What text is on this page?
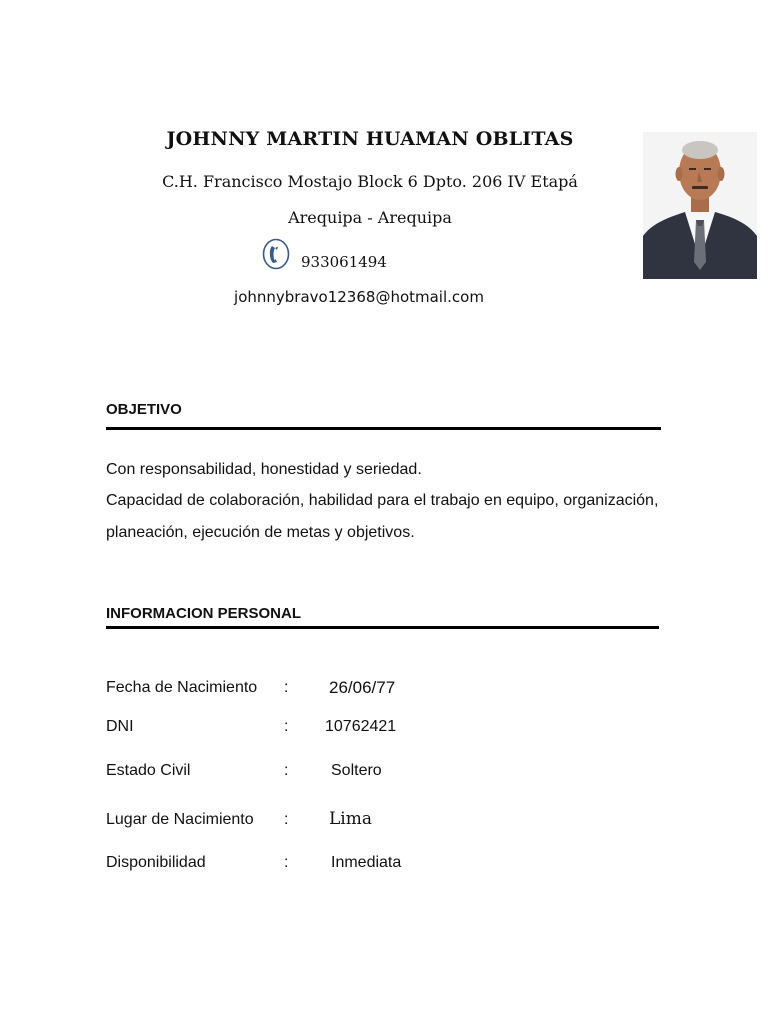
JOHNNY MARTIN HUAMAN OBLITAS
C.H. Francisco Mostajo Block 6 Dpto. 206 IV Etapá
Arequipa - Arequipa
933061494
johnnybravo12368@hotmail.com
OBJETIVO
Con responsabilidad, honestidad y seriedad.
Capacidad de colaboración, habilidad para el trabajo en equipo, organización,
planeación, ejecución de metas y objetivos.
INFORMACION PERSONAL
Fecha de Nacimiento : 26/06/77
DNI	: 10762421
Estado Civil	:	Soltero
Lugar de Nacimiento : Lima
Disponibilidad	:	Inmediata
